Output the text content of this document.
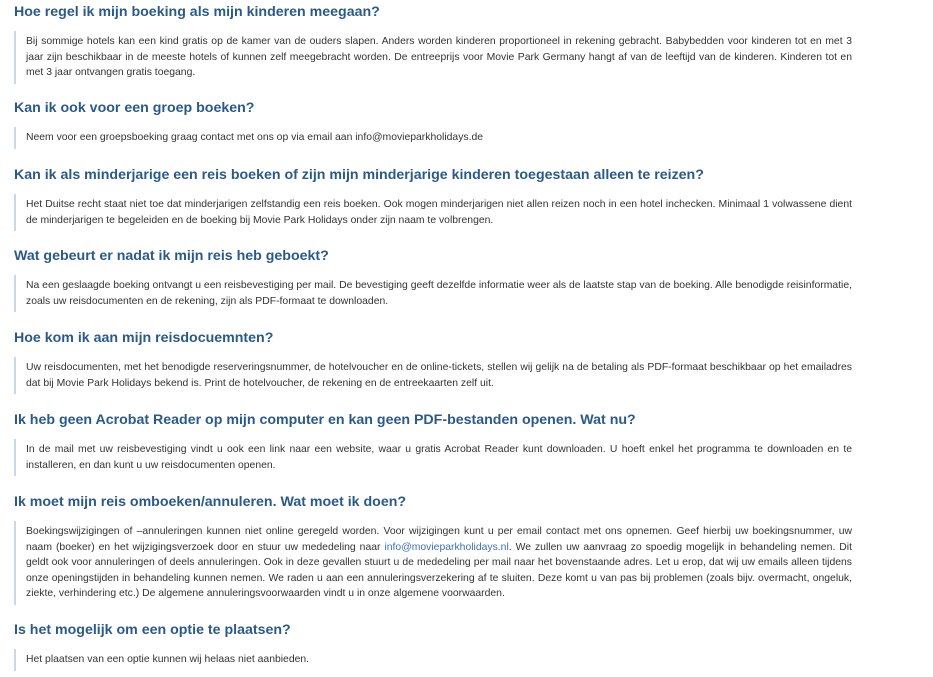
Hoe regel ik mijn boeking als mijn kinderen meegaan?
Bij sommige hotels kan een kind gratis op de kamer van de ouders slapen. Anders worden kinderen proportioneel in rekening gebracht. Babybedden voor kinderen tot en met 3 jaar zijn beschikbaar in de meeste hotels of kunnen zelf meegebracht worden. De entreeprijs voor Movie Park Germany hangt af van de leeftijd van de kinderen. Kinderen tot en met 3 jaar ontvangen gratis toegang.
Kan ik ook voor een groep boeken?
Neem voor een groepsboeking graag contact met ons op via email aan info@movieparkholidays.de
Kan ik als minderjarige een reis boeken of zijn mijn minderjarige kinderen toegestaan alleen te reizen?
Het Duitse recht staat niet toe dat minderjarigen zelfstandig een reis boeken. Ook mogen minderjarigen niet allen reizen noch in een hotel inchecken. Minimaal 1 volwassene dient de minderjarigen te begeleiden en de boeking bij Movie Park Holidays onder zijn naam te volbrengen.
Wat gebeurt er nadat ik mijn reis heb geboekt?
Na een geslaagde boeking ontvangt u een reisbevestiging per mail. De bevestiging geeft dezelfde informatie weer als de laatste stap van de boeking. Alle benodigde reisinformatie, zoals uw reisdocumenten en de rekening, zijn als PDF-formaat te downloaden.
Hoe kom ik aan mijn reisdocuemnten?
Uw reisdocumenten, met het benodigde reserveringsnummer, de hotelvoucher en de online-tickets, stellen wij gelijk na de betaling als PDF-formaat beschikbaar op het emailadres dat bij Movie Park Holidays bekend is. Print de hotelvoucher, de rekening en de entreekaarten zelf uit.
Ik heb geen Acrobat Reader op mijn computer en kan geen PDF-bestanden openen. Wat nu?
In de mail met uw reisbevestiging vindt u ook een link naar een website, waar u gratis Acrobat Reader kunt downloaden. U hoeft enkel het programma te downloaden en te installeren, en dan kunt u uw reisdocumenten openen.
Ik moet mijn reis omboeken/annuleren. Wat moet ik doen?
Boekingswijzigingen of –annuleringen kunnen niet online geregeld worden. Voor wijzigingen kunt u per email contact met ons opnemen. Geef hierbij uw boekingsnummer, uw naam (boeker) en het wijzigingsverzoek door en stuur uw mededeling naar info@movieparkholidays.nl. We zullen uw aanvraag zo spoedig mogelijk in behandeling nemen. Dit geldt ook voor annuleringen of deels annuleringen. Ook in deze gevallen stuurt u de mededeling per mail naar het bovenstaande adres. Let u erop, dat wij uw emails alleen tijdens onze openingstijden in behandeling kunnen nemen. We raden u aan een annuleringsverzekering af te sluiten. Deze komt u van pas bij problemen (zoals bijv. overmacht, ongeluk, ziekte, verhindering etc.) De algemene annuleringsvoorwaarden vindt u in onze algemene voorwaarden.
Is het mogelijk om een optie te plaatsen?
Het plaatsen van een optie kunnen wij helaas niet aanbieden.
